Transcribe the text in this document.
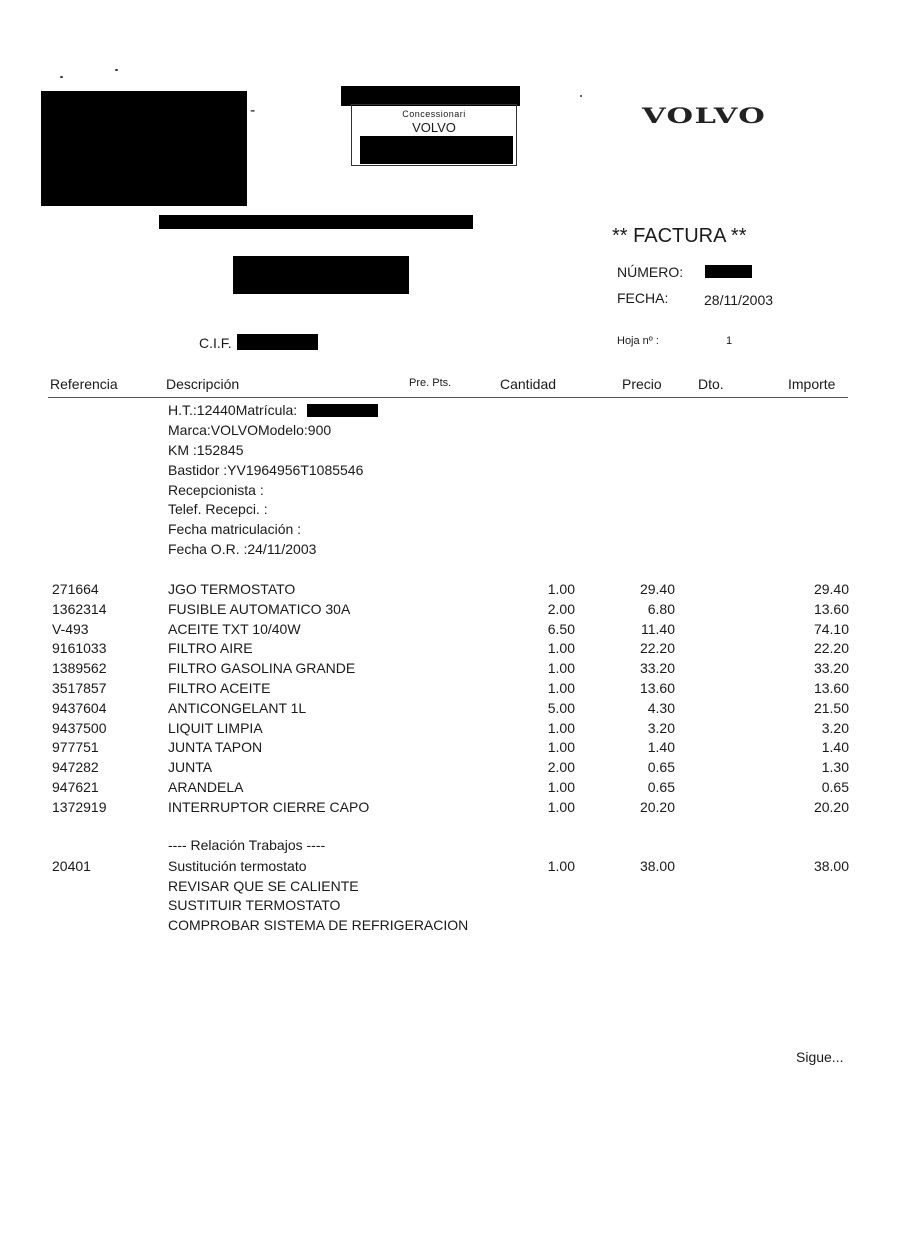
-	Concessionari
VOLVO	VOLVO
** FACTURA **
NÚMERO:
FECHA:	28/11/2003
C.I.F.	Hoja nº :	1
Referencia	Descripción	Pre. Pts.	Cantidad	Precio	Dto.	Importe
H.T.:12440Matrícula:
Marca:VOLVOModelo:900
KM :152845
Bastidor :YV1964956T1085546
Recepcionista :
Telef. Recepci. :
Fecha matriculación :
Fecha O.R. :24/11/2003
271664	JGO TERMOSTATO	1.00	29.40	29.40
1362314	FUSIBLE AUTOMATICO 30A	2.00	6.80	13.60
V-493	ACEITE TXT 10/40W	6.50	11.40	74.10
9161033	FILTRO AIRE	1.00	22.20	22.20
1389562	FILTRO GASOLINA GRANDE	1.00	33.20	33.20
3517857	FILTRO ACEITE	1.00	13.60	13.60
9437604	ANTICONGELANT 1L	5.00	4.30	21.50
9437500	LIQUIT LIMPIA	1.00	3.20	3.20
977751	JUNTA TAPON	1.00	1.40	1.40
947282	JUNTA	2.00	0.65	1.30
947621	ARANDELA	1.00	0.65	0.65
1372919	INTERRUPTOR CIERRE CAPO	1.00	20.20	20.20
---- Relación Trabajos ----
20401	Sustitución termostato	1.00	38.00	38.00
REVISAR QUE SE CALIENTE
SUSTITUIR TERMOSTATO
COMPROBAR SISTEMA DE REFRIGERACION
Sigue...
